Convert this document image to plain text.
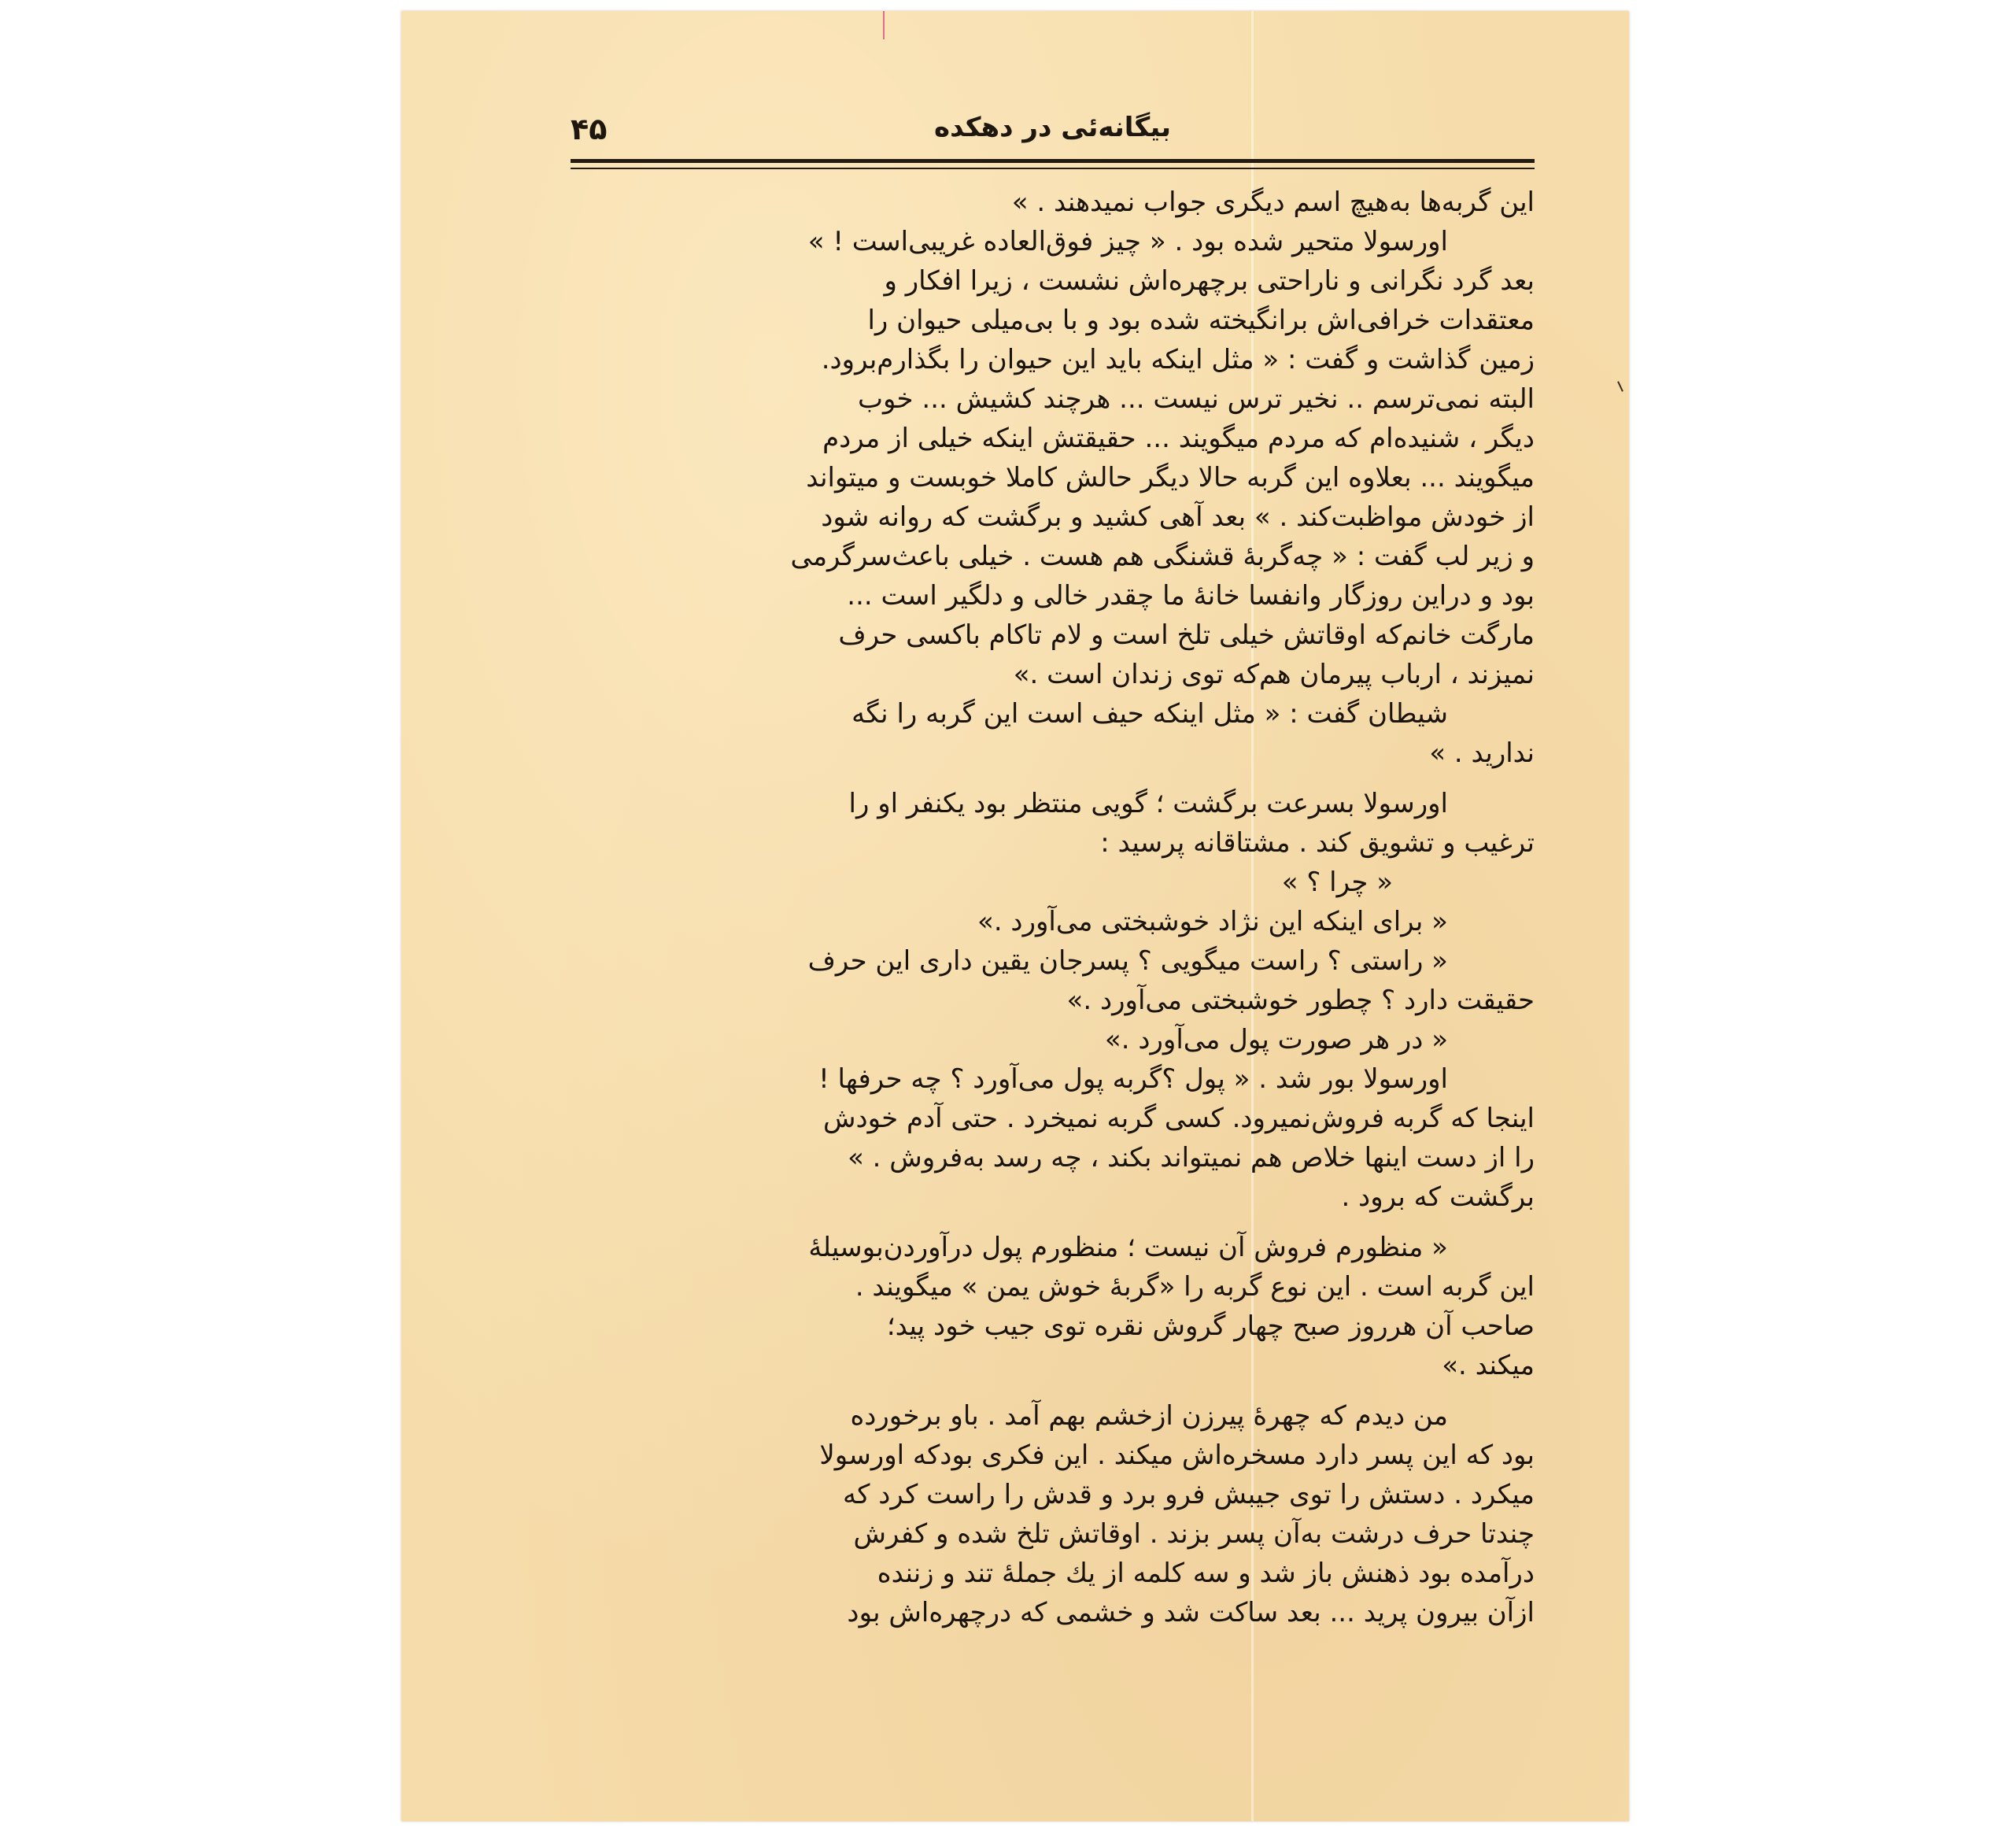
بیگانه‌ئی در دهکده
۴۵
این گربه‌ها به‌هیچ اسم دیگری جواب نمیدهند . »
اورسولا متحیر شده بود . « چیز فوق‌العاده غریبی‌است ! »
بعد گرد نگرانی و ناراحتی برچهره‌اش نشست ، زیرا افکار و
معتقدات خرافی‌اش برانگیخته شده بود و با بی‌میلی حیوان را
زمین گذاشت و گفت : « مثل اینکه باید این حیوان را بگذارم‌برود.
البته نمی‌ترسم .. نخیر ترس نیست ... هرچند کشیش ... خوب
دیگر ، شنیده‌ام که مردم میگویند ... حقیقتش اینکه خیلی از مردم
میگویند ... بعلاوه این گربه حالا دیگر حالش کاملا خوبست و میتواند
از خودش مواظبت‌کند . » بعد آهی کشید و برگشت که روانه شود
و زیر لب گفت : « چه‌گربهٔ قشنگی هم هست . خیلی باعث‌سرگرمی
بود و دراین روزگار وانفسا خانهٔ ما چقدر خالی و دلگیر است ...
مارگت خانم‌که اوقاتش خیلی تلخ است و لام تاکام باکسی حرف
نمیزند ، ارباب پیرمان هم‌که توی زندان است .»
شیطان گفت : « مثل اینکه حیف است این گربه را نگه
ندارید . »
اورسولا بسرعت برگشت ؛ گویی منتظر بود یکنفر او را
ترغیب و تشویق کند . مشتاقانه پرسید :
« چرا ؟ »
« برای اینکه این نژاد خوشبختی می‌آورد .»
« راستی ؟ راست میگویی ؟ پسرجان یقین داری این حرف
حقیقت دارد ؟ چطور خوشبختی می‌آورد .»
« در هر صورت پول می‌آورد .»
اورسولا بور شد . « پول ؟گربه پول می‌آورد ؟ چه حرفها !
اینجا که گربه فروش‌نمیرود. کسی گربه نمیخرد . حتی آدم خودش
را از دست اینها خلاص هم نمیتواند بکند ، چه رسد به‌فروش . »
برگشت که برود .
« منظورم فروش آن نیست ؛ منظورم پول درآوردن‌بوسیلهٔ
این گربه است . این نوع گربه را «گربهٔ خوش یمن » میگویند .
صاحب آن هرروز صبح چهار گروش نقره توی جیب خود پید؛
میکند .»
من دیدم که چهرهٔ پیرزن ازخشم بهم آمد . باو برخورده
بود که این پسر دارد مسخره‌اش میکند . این فکری بودکه اورسولا
میکرد . دستش را توی جیبش فرو برد و قدش را راست کرد که
چندتا حرف درشت به‌آن پسر بزند . اوقاتش تلخ شده و کفرش
درآمده بود ذهنش باز شد و سه کلمه از یك جملهٔ تند و زننده
ازآن بیرون پرید ... بعد ساکت شد و خشمی که درچهره‌اش بود
